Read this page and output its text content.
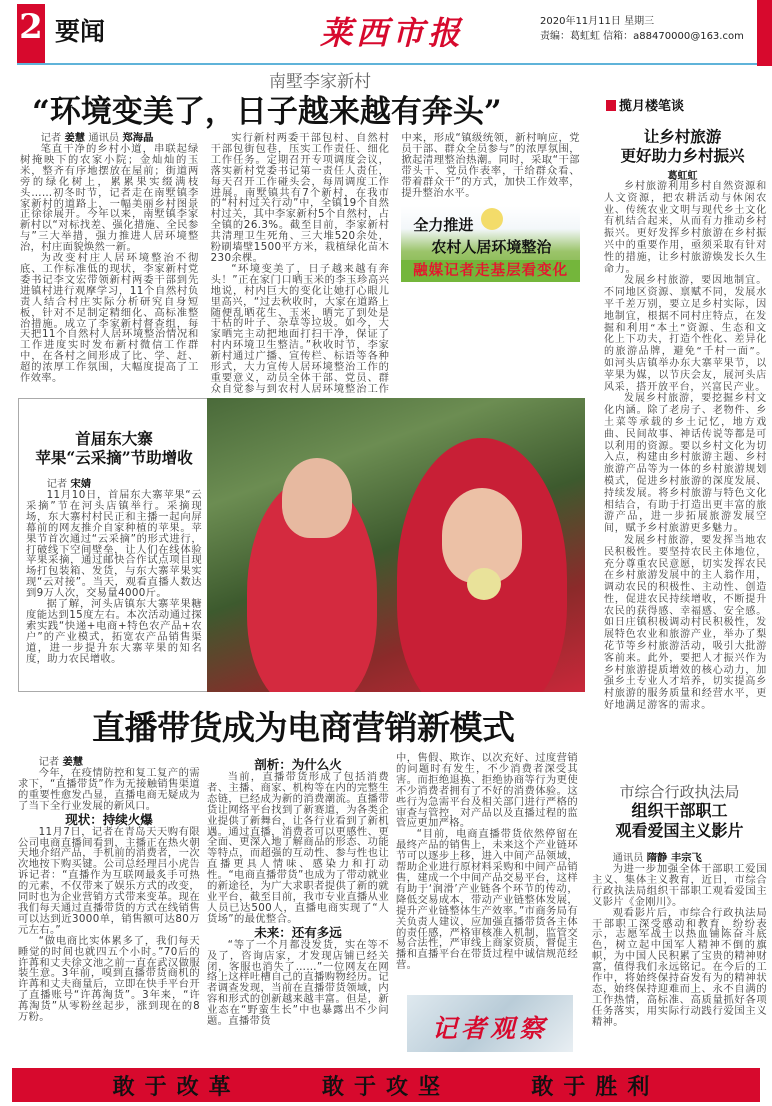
2 要闻	莱西市报	2020年11月11日 星期三
责编：葛虹虹 信箱：a88470000@163.com
南墅李家新村
“环境变美了，日子越来越有奔头”
记者 姜慧 通讯员 郑海晶

笔直干净的乡村小道，串联起绿树掩映下的农家小院；金灿灿的玉米，整齐有序地摆放在屋前；街道两旁的绿化树上，累累果实缀满枝头……初冬时节，记者走在南墅镇李家新村的道路上，一幅美丽乡村图景正徐徐展开。今年以来，南墅镇李家新村以“对标找差、强化措施、全民参与”三大举措，强力推进人居环境整治，村庄面貌焕然一新。

为改变村庄人居环境整治不彻底、工作标准低的现状，李家新村党委书记李文宏带领新村两委干部到先进镇村进行观摩学习，11个自然村负责人结合村庄实际分析研究自身短板，针对不足制定精细化、高标准整治措施。成立了李家新村督查组，每天把11个自然村人居环境整治情况和工作进度实时发布新村微信工作群中，在各村之间形成了比、学、赶、超的浓厚工作氛围，大幅度提高了工作效率。

实行新村两委干部包村、自然村干部包街包巷，压实工作责任、细化工作任务。定期召开专项调度会议，落实新村党委书记第一责任人责任，每天召开工作碰头会，每周调度工作进展。南墅镇共有7个新村，在我市的“村村过关行动”中，全镇19个自然村过关，其中李家新村5个自然村，占全镇的26.3%。截至目前，李家新村共清理卫生死角、三大堆520余处，粉刷墙壁1500平方米，栽植绿化苗木230余棵。

“环境变美了，日子越来越有奔头！”正在家门口晒玉米的李玉珍高兴地说，村内巨大的变化让她打心眼儿里高兴，“过去秋收时，大家在道路上随便乱晒花生、玉米，晒完了到处是干枯的叶子、杂草等垃圾。如今，大家晒完主动把地面打扫干净，保证了村内环境卫生整洁。”秋收时节，李家新村通过广播、宣传栏、标语等各种形式，大力宣传人居环境整治工作的重要意义，动员全体干部、党员、群众自觉参与到农村人居环境整治工作中来，形成“镇级统领，新村响应，党员干部、群众全员参与”的浓厚氛围，掀起清理整治热潮。同时，采取“干部带头干、党员作表率，干给群众看、带着群众干”的方式，加快工作效率，提升整治水平。

全力推进
农村人居环境整治
融媒记者走基层看变化
首届东大寨
苹果“云采摘”节助增收
记者 宋婧

11月10日，首届东大寨苹果“云采摘”节在河头店镇举行。采摘现场，东大寨村村民正和主播一起向屏幕前的网友推介自家种植的苹果。苹果节首次通过“云采摘”的形式进行，打破线下空间壁垒，让人们在线体验苹果采摘，通过邮快合作试点项目现场打包装箱、发货，与东大寨苹果实现“云对接”。当天，观看直播人数达到9万人次，交易量4000斤。

据了解，河头店镇东大寨苹果糖度能达到15度左右。本次活动通过探索实践“快递+电商+特色农产品+农户”的产业模式，拓宽农产品销售渠道，进一步提升东大寨苹果的知名度，助力农民增收。

揽月楼笔谈
让乡村旅游
更好助力乡村振兴
葛虹虹

乡村旅游利用乡村自然资源和人文资源，把农耕活动与休闲农业、传统农业文明与现代乡土文化有机结合起来，从而有力推动乡村振兴。更好发挥乡村旅游在乡村振兴中的重要作用，亟须采取有针对性的措施，让乡村旅游焕发长久生命力。

发展乡村旅游，要因地制宜。不同地区资源、禀赋不同，发展水平千差万别，要立足乡村实际，因地制宜，根据不同村庄特点，在发掘和利用“本土”资源、生态和文化上下功夫，打造个性化、差异化的旅游品牌，避免“千村一面”。如河头店镇举办东大寨苹果节，以苹果为媒，以节庆会友，展河头店风采，搭开放平台，兴富民产业。

发展乡村旅游，要挖掘乡村文化内涵。除了老房子、老物件、乡土菜等承载的乡土记忆，地方戏曲、民间故事、神话传说等都是可以利用的资源。要以乡村文化为切入点，构建由乡村旅游主题、乡村旅游产品等为一体的乡村旅游规划模式，促进乡村旅游的深度发展、持续发展。将乡村旅游与特色文化相结合，有助于打造出更丰富的旅游产品，进一步拓展旅游发展空间，赋予乡村旅游更多魅力。

发展乡村旅游，要发挥当地农民积极性。要坚持农民主体地位，充分尊重农民意愿，切实发挥农民在乡村旅游发展中的主人翁作用，调动农民的积极性、主动性、创造性，促进农民持续增收，不断提升农民的获得感、幸福感、安全感。如日庄镇积极调动村民积极性，发展特色农业和旅游产业，举办了梨花节等乡村旅游活动，吸引大批游客前来。此外，要把人才振兴作为乡村旅游提质增效的核心动力，加强乡土专业人才培养，切实提高乡村旅游的服务质量和经营水平，更好地满足游客的需求。

直播带货成为电商营销新模式
记者 姜慧

今年，在疫情防控和复工复产的需求下，“直播带货”作为无接触销售渠道的重要性愈发凸显，直播电商无疑成为了当下全行业发展的新风口。

现状：持续火爆

11月7日，记者在青岛天天购有限公司电商直播间看到，主播正在热火朝天地介绍产品，手机前的消费者，一次次地按下购买键。公司总经理吕小虎告诉记者：“直播作为互联网最炙手可热的元素，不仅带来了娱乐方式的改变，同时也为企业营销方式带来变革。现在我们每天通过直播带货的方式在线销售可以达到近3000单，销售额可达80万元左右。”

“做电商比实体累多了，我们每天睡觉的时间也就四五个小时。”70后的许苒和丈夫徐文池之前一直在武汉做服装生意。3年前，嗅到直播带货商机的许苒和丈夫商量后，立即在快手平台开了直播账号“许苒淘货”。3年来，“许苒淘货”从零粉丝起步，涨到现在的8万粉。

剖析：为什么火

当前，直播带货形成了包括消费者、主播、商家、机构等在内的完整生态链，已经成为新的消费潮流。直播带货让网络平台找到了新赛道，为各类企业提供了新舞台，让各行业看到了新机遇。通过直播，消费者可以更感性、更全面、更深入地了解商品的形态、功能等特点，而超强的互动性、参与性也让直播更具人情味、感染力和打动性。“电商直播带货”也成为了带动就业的新途径，为广大求职者提供了新的就业平台，截至目前，我市专业直播从业人员已达500人，直播电商实现了“人货场”的最优整合。

未来：还有多远

“等了一个月都没发货，实在等不及了，咨询店家，才发现店铺已经关闭，客服也消失了……”一位网友在网络上这样吐槽自己的直播购物经历。记者调查发现，当前在直播带货领域，内容和形式的创新越来越丰富。但是，新业态在“野蛮生长”中也暴露出不少问题。直播带货

中，售假、欺诈、以次充好、过度营销的问题时有发生，不少消费者深受其害。而拒绝退换、拒绝协商等行为更使不少消费者拥有了不好的消费体验。这些行为急需平台及相关部门进行严格的审查与管控，对产品以及直播过程的监管应更加严格。

“目前，电商直播带货依然停留在最终产品的销售上，未来这个产业链环节可以逐步上移，进入中间产品领域，帮助企业进行原材料采购和中间产品销售，建成一个中间产品交易平台，这样有助于‘润滑’产业链各个环节的传动，降低交易成本，带动产业链整体发展，提升产业链整体生产效率。”市商务局有关负责人建议，应加强直播带货各主体的责任感，严格审核准入机制，监管交易合法性，严审线上商家资质，督促主播和直播平台在带货过程中诚信规范经营。

记者观察
市综合行政执法局
组织干部职工
观看爱国主义影片
通讯员 隋静 丰宗飞

为进一步加强全体干部职工爱国主义、集体主义教育，近日，市综合行政执法局组织干部职工观看爱国主义影片《金刚川》。

观看影片后，市综合行政执法局干部职工深受感动和教育，纷纷表示，志愿军战士以热血铺陈奋斗底色，树立起中国军人精神不倒的旗帜，为中国人民积累了宝贵的精神财富，值得我们永远铭记。在今后的工作中，将始终保持奋发有为的精神状态，始终保持迎难而上、永不自满的工作热情，高标准、高质量抓好各项任务落实，用实际行动践行爱国主义精神。

敢于改革	敢于攻坚	敢于胜利
